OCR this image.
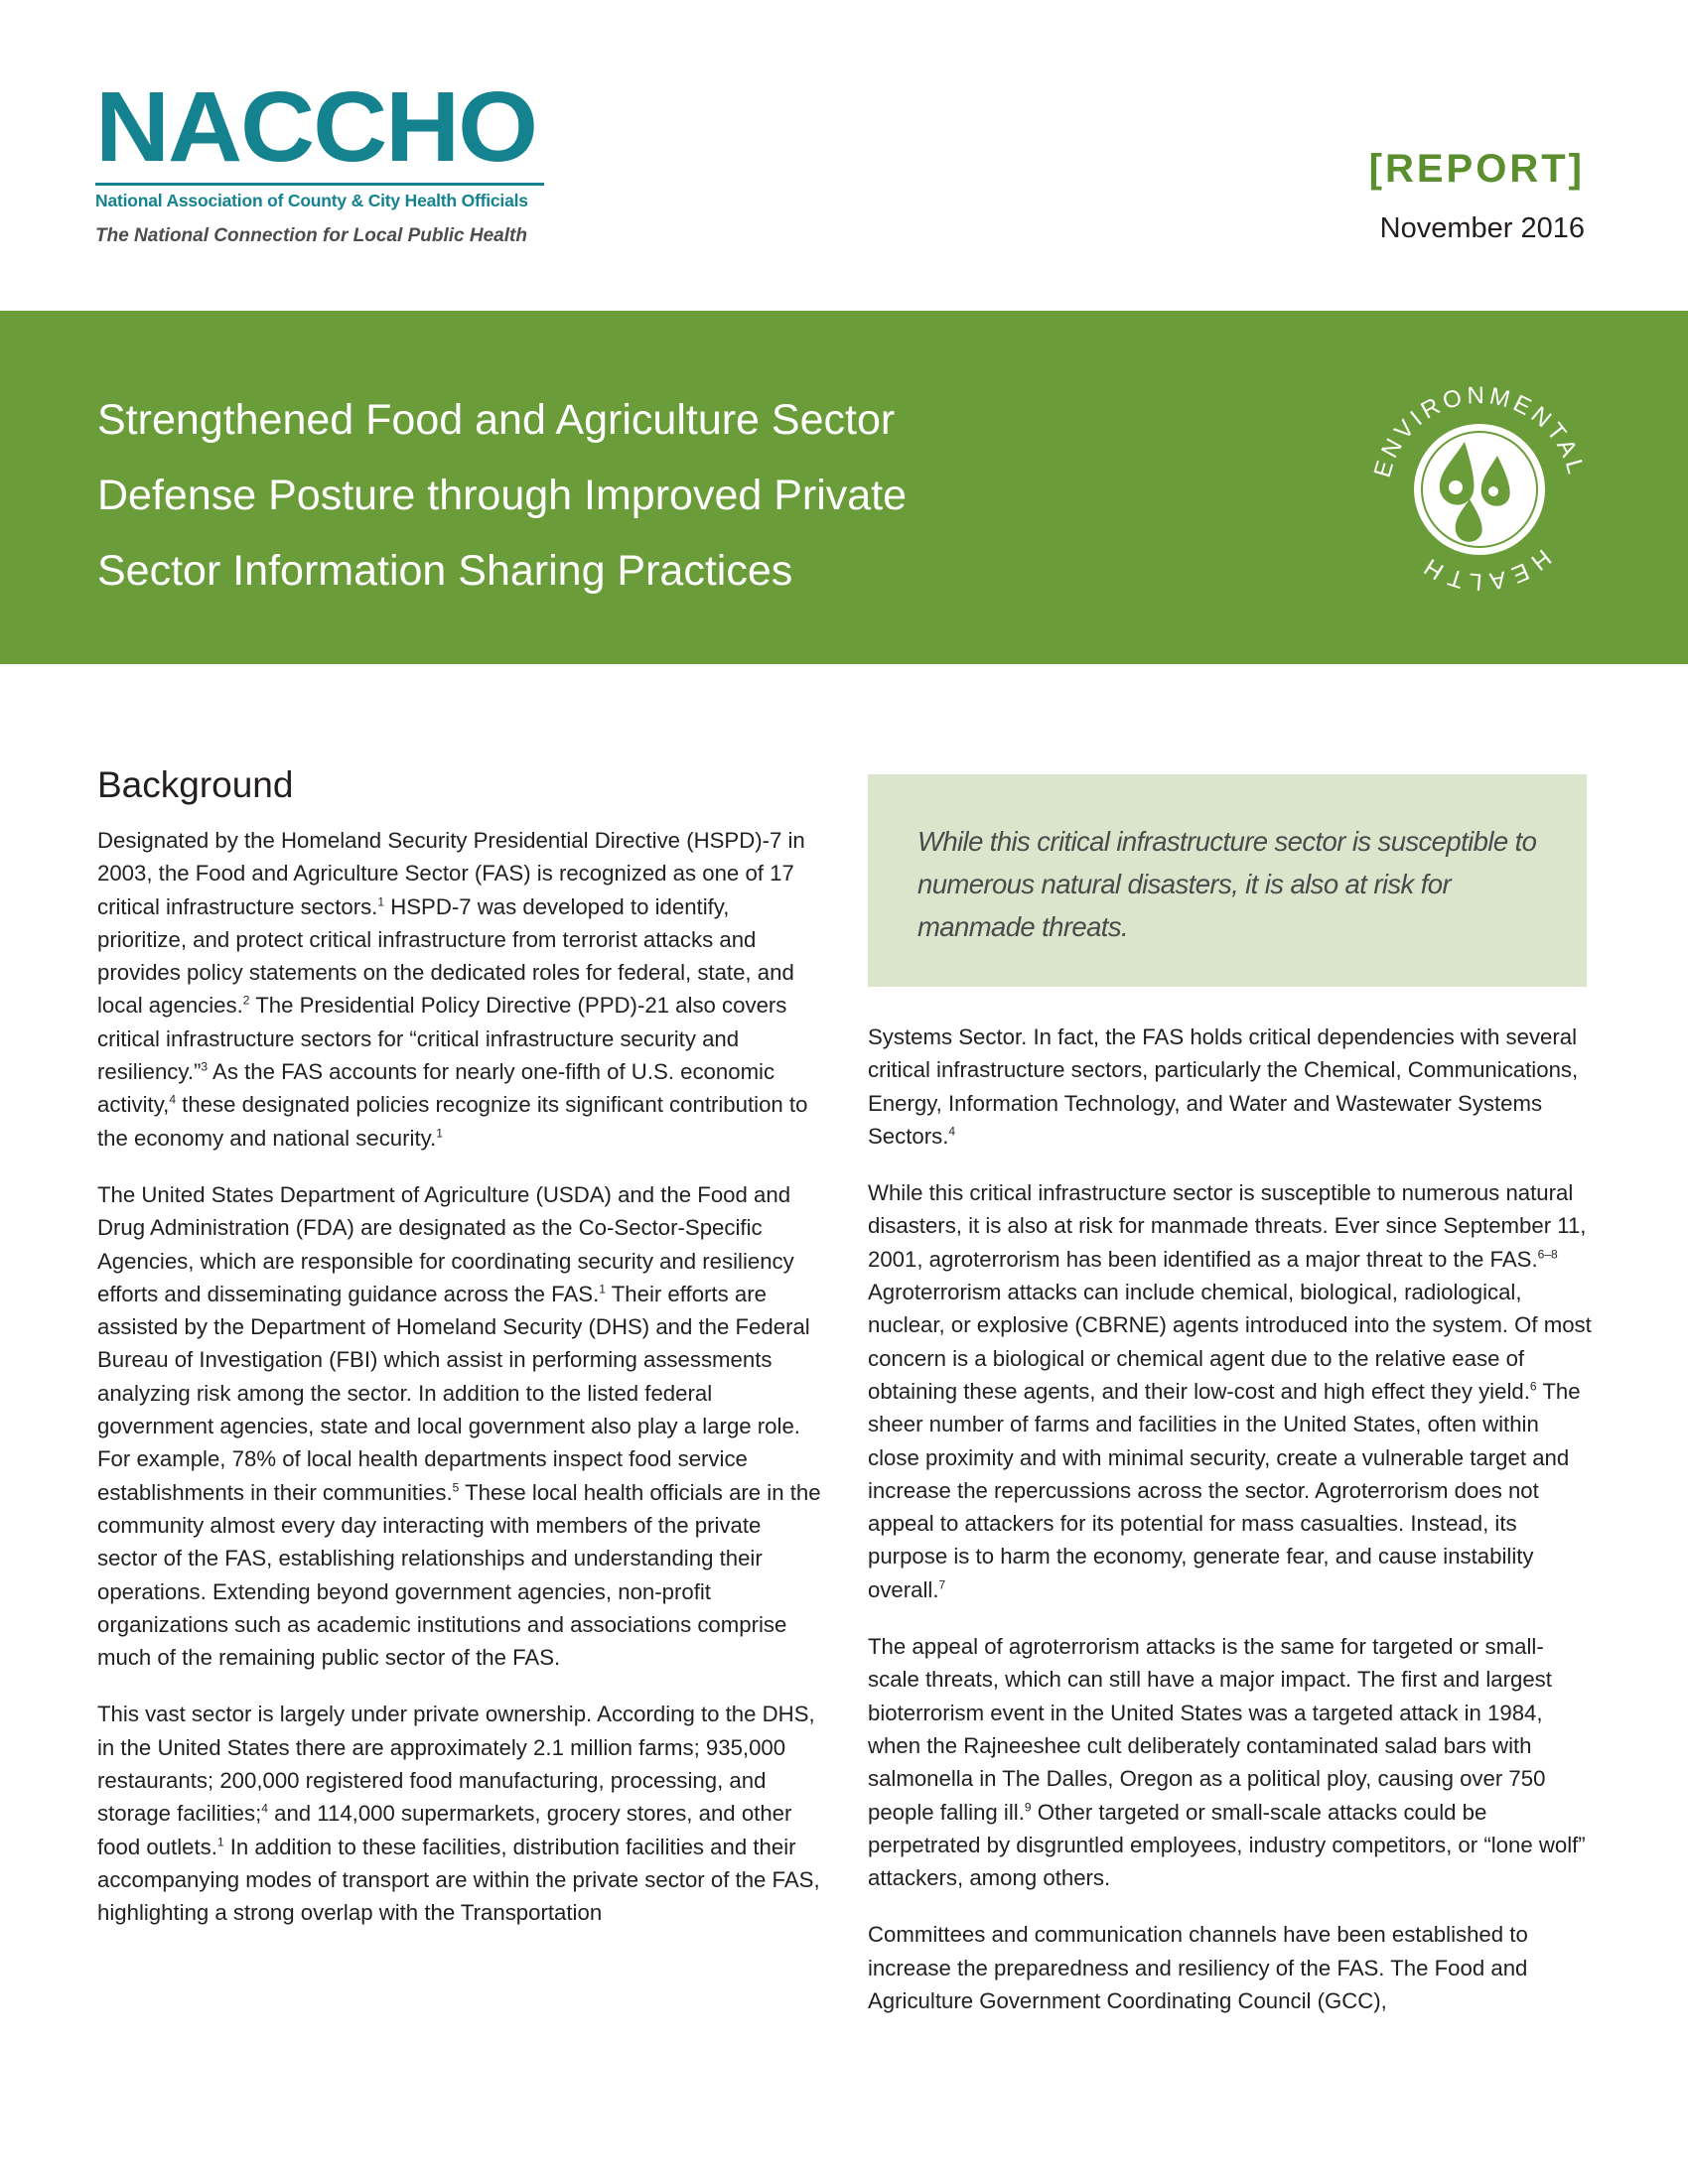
NACCHO
National Association of County & City Health Officials
The National Connection for Local Public Health
[REPORT]
November 2016
Strengthened Food and Agriculture Sector
Defense Posture through Improved Private
Sector Information Sharing Practices
ENVIRONMENTAL
HEALTH
Background

Designated by the Homeland Security Presidential Directive (HSPD)-7 in 2003, the Food and Agriculture Sector (FAS) is recognized as one of 17 critical infrastructure sectors.$^1$ HSPD-7 was developed to identify, prioritize, and protect critical infrastructure from terrorist attacks and provides policy statements on the dedicated roles for federal, state, and local agencies.$^2$ The Presidential Policy Directive (PPD)-21 also covers critical infrastructure sectors for “critical infrastructure security and resiliency.”$^3$ As the FAS accounts for nearly one-fifth of U.S. economic activity,$^4$ these designated policies recognize its significant contribution to the economy and national security.$^1$

The United States Department of Agriculture (USDA) and the Food and Drug Administration (FDA) are designated as the Co-Sector-Specific Agencies, which are responsible for coordinating security and resiliency efforts and disseminating guidance across the FAS.$^1$ Their efforts are assisted by the Department of Homeland Security (DHS) and the Federal Bureau of Investigation (FBI) which assist in performing assessments analyzing risk among the sector. In addition to the listed federal government agencies, state and local government also play a large role. For example, 78% of local health departments inspect food service establishments in their communities.$^5$ These local health officials are in the community almost every day interacting with members of the private sector of the FAS, establishing relationships and understanding their operations. Extending beyond government agencies, non-profit organizations such as academic institutions and associations comprise much of the remaining public sector of the FAS.

This vast sector is largely under private ownership. According to the DHS, in the United States there are approximately 2.1 million farms; 935,000 restaurants; 200,000 registered food manufacturing, processing, and storage facilities;$^4$ and 114,000 supermarkets, grocery stores, and other food outlets.$^1$ In addition to these facilities, distribution facilities and their accompanying modes of transport are within the private sector of the FAS, highlighting a strong overlap with the Transportation

While this critical infrastructure sector is susceptible to numerous natural disasters, it is also at risk for manmade threats.

Systems Sector. In fact, the FAS holds critical dependencies with several critical infrastructure sectors, particularly the Chemical, Communications, Energy, Information Technology, and Water and Wastewater Systems Sectors.$^4$

While this critical infrastructure sector is susceptible to numerous natural disasters, it is also at risk for manmade threats. Ever since September 11, 2001, agroterrorism has been identified as a major threat to the FAS.$^{6-8}$ Agroterrorism attacks can include chemical, biological, radiological, nuclear, or explosive (CBRNE) agents introduced into the system. Of most concern is a biological or chemical agent due to the relative ease of obtaining these agents, and their low-cost and high effect they yield.$^6$ The sheer number of farms and facilities in the United States, often within close proximity and with minimal security, create a vulnerable target and increase the repercussions across the sector. Agroterrorism does not appeal to attackers for its potential for mass casualties. Instead, its purpose is to harm the economy, generate fear, and cause instability overall.$^7$

The appeal of agroterrorism attacks is the same for targeted or small-scale threats, which can still have a major impact. The first and largest bioterrorism event in the United States was a targeted attack in 1984, when the Rajneeshee cult deliberately contaminated salad bars with salmonella in The Dalles, Oregon as a political ploy, causing over 750 people falling ill.$^9$ Other targeted or small-scale attacks could be perpetrated by disgruntled employees, industry competitors, or “lone wolf” attackers, among others.

Committees and communication channels have been established to increase the preparedness and resiliency of the FAS. The Food and Agriculture Government Coordinating Council (GCC),
